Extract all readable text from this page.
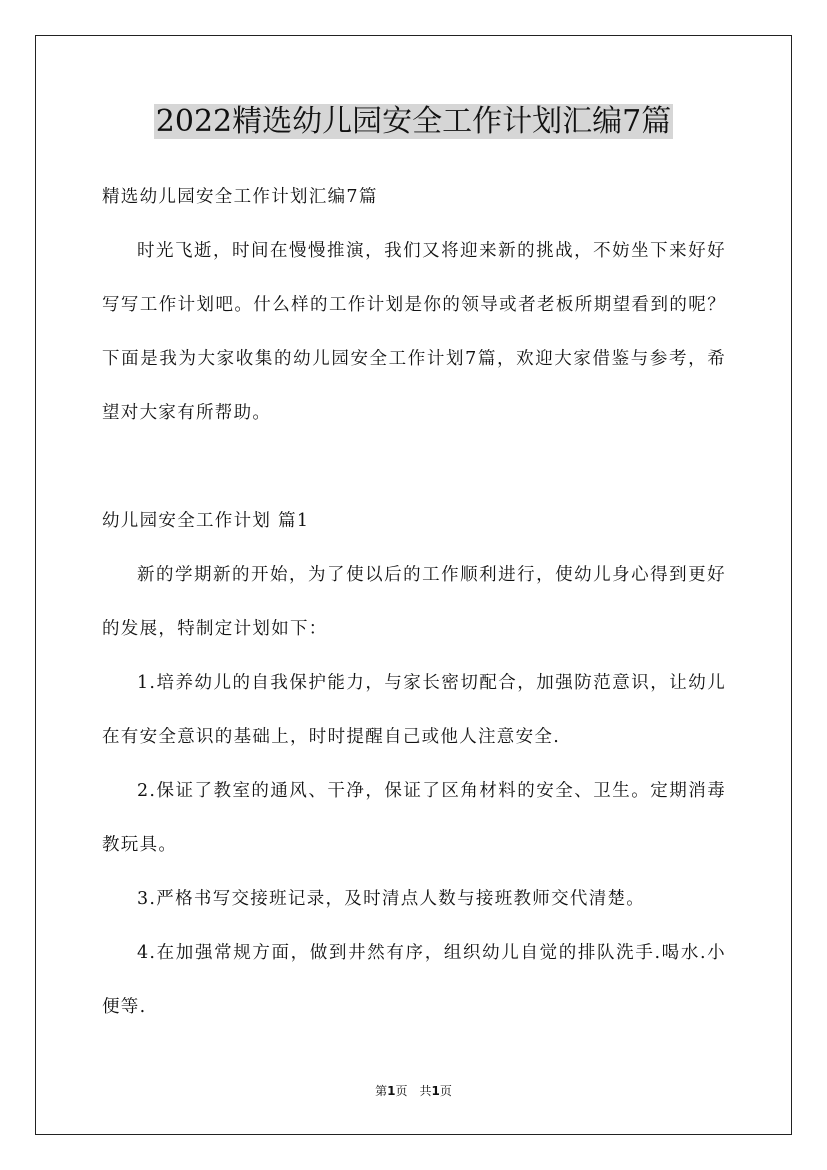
2022精选幼儿园安全工作计划汇编7篇

精选幼儿园安全工作计划汇编7篇

时光飞逝，时间在慢慢推演，我们又将迎来新的挑战，不妨坐下来好好写写工作计划吧。什么样的工作计划是你的领导或者老板所期望看到的呢？下面是我为大家收集的幼儿园安全工作计划7篇，欢迎大家借鉴与参考，希望对大家有所帮助。

幼儿园安全工作计划 篇1

新的学期新的开始，为了使以后的工作顺利进行，使幼儿身心得到更好的发展，特制定计划如下：

1.培养幼儿的自我保护能力，与家长密切配合，加强防范意识，让幼儿在有安全意识的基础上，时时提醒自己或他人注意安全.

2.保证了教室的通风、干净，保证了区角材料的安全、卫生。定期消毒教玩具。

3.严格书写交接班记录，及时清点人数与接班教师交代清楚。

4.在加强常规方面，做到井然有序，组织幼儿自觉的排队洗手.喝水.小便等.

第1页　共1页
